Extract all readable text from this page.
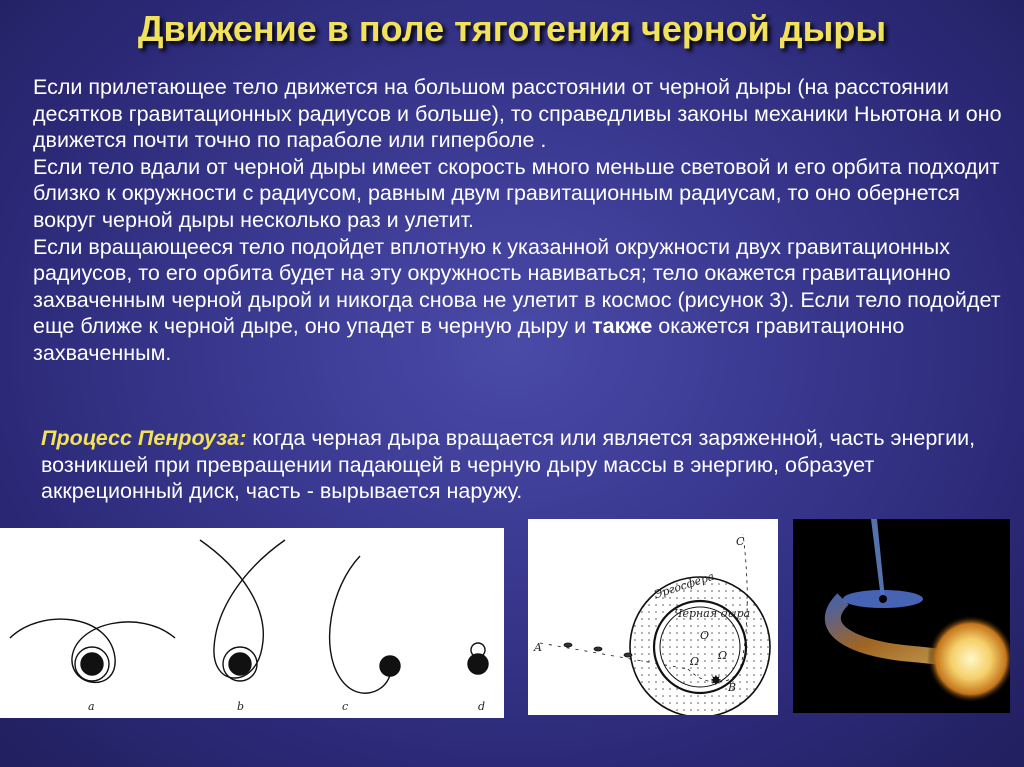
Движение в поле тяготения черной дыры

Если прилетающее тело движется на большом расстоянии от черной дыры (на расстоянии десятков гравитационных радиусов и больше), то справедливы законы механики Ньютона и оно движется почти точно по параболе или гиперболе .

Если тело вдали от черной дыры имеет скорость много меньше световой и его орбита подходит близко к окружности с радиусом, равным двум гравитационным радиусам, то оно обернется вокруг черной дыры несколько раз и улетит.

Если вращающееся тело подойдет вплотную к указанной окружности двух гравитационных радиусов, то его орбита будет на эту окружность навиваться; тело окажется гравитационно захваченным черной дырой и никогда снова не улетит в космос (рисунок 3). Если тело подойдет еще ближе к черной дыре, оно упадет в черную дыру и также окажется гравитационно захваченным.

Процесс Пенроуза: когда черная дыра вращается или является заряженной, часть энергии, возникшей при превращении падающей в черную дыру массы в энергию, образует аккреционный диск, часть - вырывается наружу.

a	b	c	d
Эргосфера
Черная дыра
A
B
C
O
Ω Ω
✸
